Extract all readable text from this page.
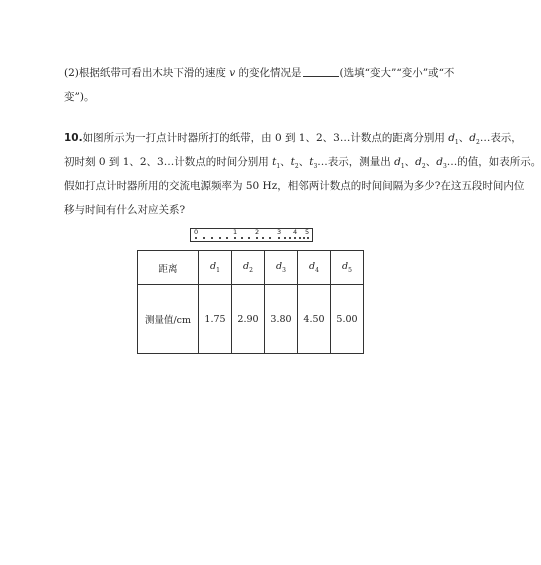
(2)根据纸带可看出木块下滑的速度 v 的变化情况是	(选填“变大”“变小”或“不
变”)。
10.如图所示为一打点计时器所打的纸带，由 0 到 1、2、3…计数点的距离分别用 $d_1$、$d_2\dots$表示，
初时刻 0 到 1、2、3…计数点的时间分别用 $t_1$、$t_2$、$t_3\dots$表示，测量出 $d_1$、$d_2$、$d_3\dots$的值，如表所示。
假如打点计时器所用的交流电源频率为 50 Hz，相邻两计数点的时间间隔为多少?在这五段时间内位
移与时间有什么对应关系?
0	1	2	3 4 5
距离	$d_1$	$d_2$	$d_3$	$d_4$	$d_5$
测量值/cm	1.75	2.90	3.80	4.50	5.00
